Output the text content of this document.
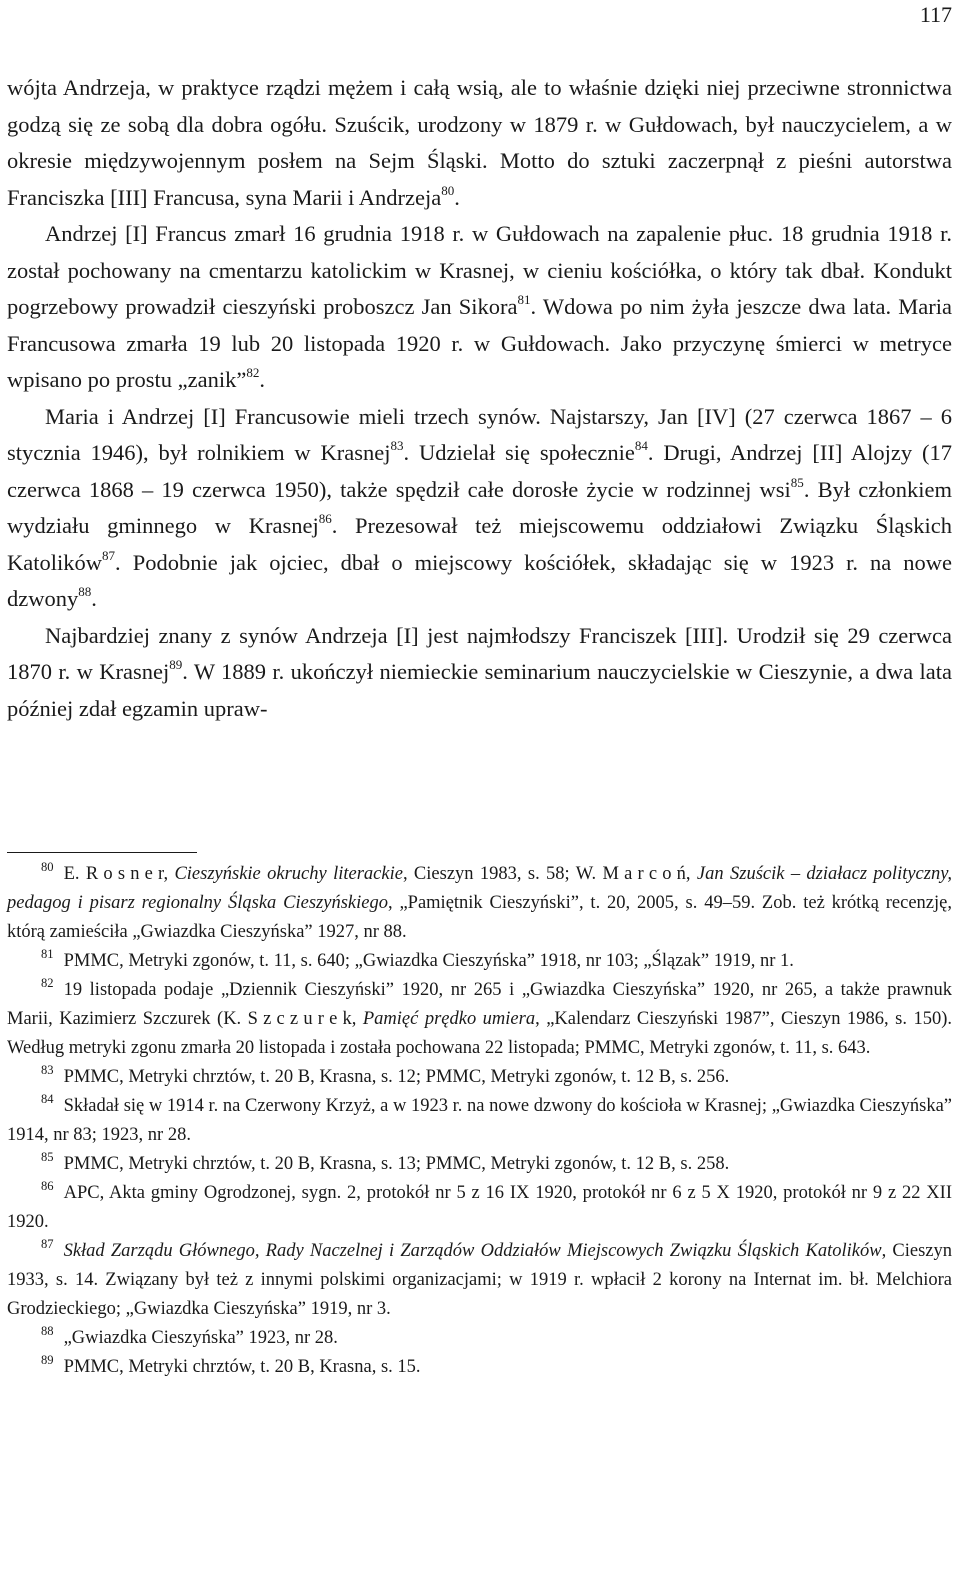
117

wójta Andrzeja, w praktyce rządzi mężem i całą wsią, ale to właśnie dzięki niej przeciwne stronnictwa godzą się ze sobą dla dobra ogółu. Szuścik, urodzony w 1879 r. w Gułdowach, był nauczycielem, a w okresie międzywojennym posłem na Sejm Śląski. Motto do sztuki zaczerpnął z pieśni autorstwa Franciszka [III] Francusa, syna Marii i Andrzeja$^{80}$.

Andrzej [I] Francus zmarł 16 grudnia 1918 r. w Gułdowach na zapalenie płuc. 18 grudnia 1918 r. został pochowany na cmentarzu katolickim w Krasnej, w cieniu kościółka, o który tak dbał. Kondukt pogrzebowy prowadził cieszyński proboszcz Jan Sikora$^{81}$. Wdowa po nim żyła jeszcze dwa lata. Maria Francusowa zmarła 19 lub 20 listopada 1920 r. w Gułdowach. Jako przyczynę śmierci w metryce wpisano po prostu „zanik”$^{82}$.

Maria i Andrzej [I] Francusowie mieli trzech synów. Najstarszy, Jan [IV] (27 czerwca 1867 – 6 stycznia 1946), był rolnikiem w Krasnej$^{83}$. Udzielał się społecznie$^{84}$. Drugi, Andrzej [II] Alojzy (17 czerwca 1868 – 19 czerwca 1950), także spędził całe dorosłe życie w rodzinnej wsi$^{85}$. Był członkiem wydziału gminnego w Krasnej$^{86}$. Prezesował też miejscowemu oddziałowi Związku Śląskich Katolików$^{87}$. Podobnie jak ojciec, dbał o miejscowy kościółek, składając się w 1923 r. na nowe dzwony$^{88}$.

Najbardziej znany z synów Andrzeja [I] jest najmłodszy Franciszek [III]. Urodził się 29 czerwca 1870 r. w Krasnej$^{89}$. W 1889 r. ukończył niemieckie seminarium nauczycielskie w Cieszynie, a dwa lata później zdał egzamin upraw-

$^{80}$ E. Rosner, Cieszyńskie okruchy literackie, Cieszyn 1983, s. 58; W. Marcoń, Jan Szuścik – działacz polityczny, pedagog i pisarz regionalny Śląska Cieszyńskiego, „Pamiętnik Cieszyński”, t. 20, 2005, s. 49–59. Zob. też krótką recenzję, którą zamieściła „Gwiazdka Cieszyńska” 1927, nr 88.

$^{81}$ PMMC, Metryki zgonów, t. 11, s. 640; „Gwiazdka Cieszyńska” 1918, nr 103; „Ślązak” 1919, nr 1.

$^{82}$ 19 listopada podaje „Dziennik Cieszyński” 1920, nr 265 i „Gwiazdka Cieszyńska” 1920, nr 265, a także prawnuk Marii, Kazimierz Szczurek (K. Szczurek, Pamięć prędko umiera, „Kalendarz Cieszyński 1987”, Cieszyn 1986, s. 150). Według metryki zgonu zmarła 20 listopada i została pochowana 22 listopada; PMMC, Metryki zgonów, t. 11, s. 643.

$^{83}$ PMMC, Metryki chrztów, t. 20 B, Krasna, s. 12; PMMC, Metryki zgonów, t. 12 B, s. 256.

$^{84}$ Składał się w 1914 r. na Czerwony Krzyż, a w 1923 r. na nowe dzwony do kościoła w Krasnej; „Gwiazdka Cieszyńska” 1914, nr 83; 1923, nr 28.

$^{85}$ PMMC, Metryki chrztów, t. 20 B, Krasna, s. 13; PMMC, Metryki zgonów, t. 12 B, s. 258.

$^{86}$ APC, Akta gminy Ogrodzonej, sygn. 2, protokół nr 5 z 16 IX 1920, protokół nr 6 z 5 X 1920, protokół nr 9 z 22 XII 1920.

$^{87}$ Skład Zarządu Głównego, Rady Naczelnej i Zarządów Oddziałów Miejscowych Związku Śląskich Katolików, Cieszyn 1933, s. 14. Związany był też z innymi polskimi organizacjami; w 1919 r. wpłacił 2 korony na Internat im. bł. Melchiora Grodzieckiego; „Gwiazdka Cieszyńska” 1919, nr 3.

$^{88}$ „Gwiazdka Cieszyńska” 1923, nr 28.

$^{89}$ PMMC, Metryki chrztów, t. 20 B, Krasna, s. 15.
